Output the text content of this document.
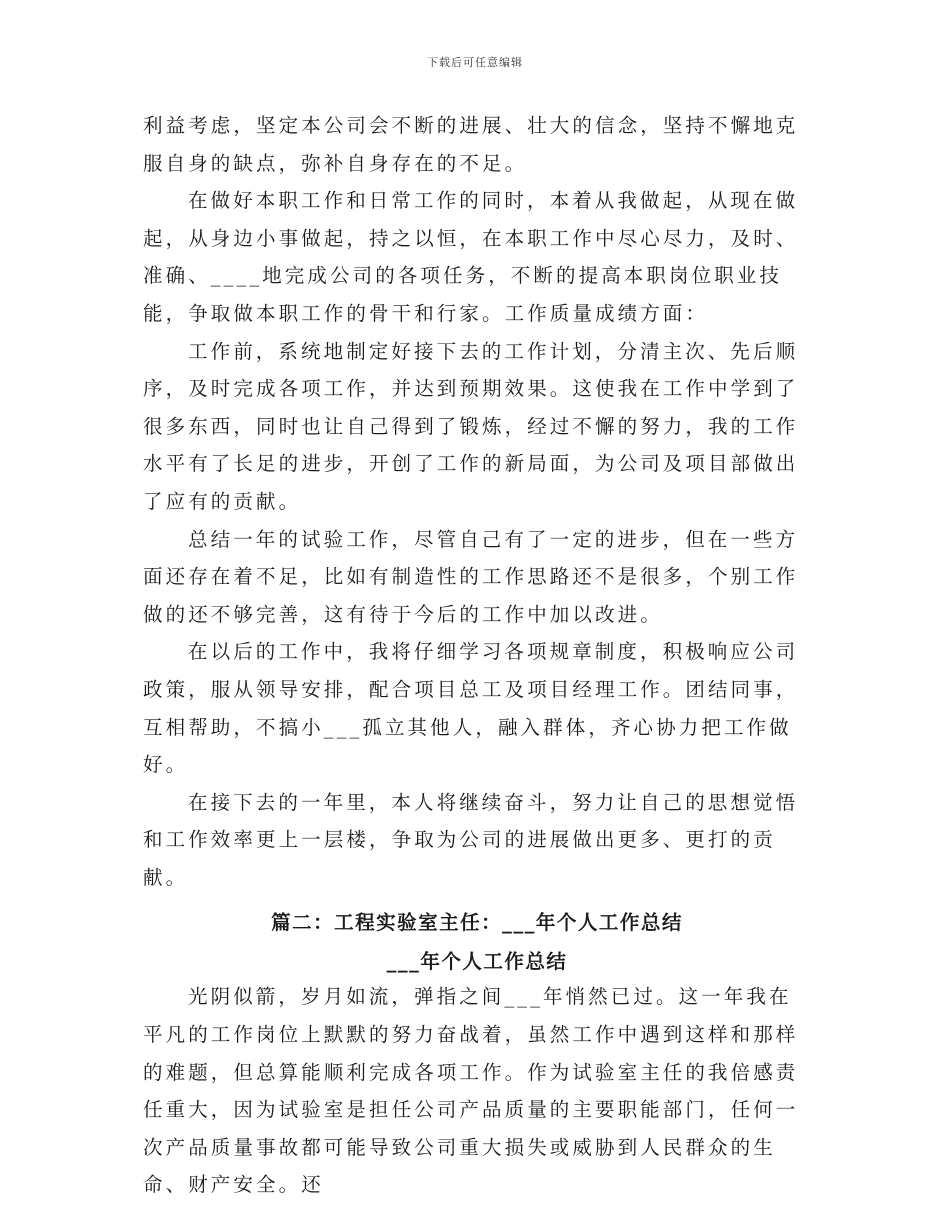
下载后可任意编辑

利益考虑，坚定本公司会不断的进展、壮大的信念，坚持不懈地克服自身的缺点，弥补自身存在的不足。

在做好本职工作和日常工作的同时，本着从我做起，从现在做起，从身边小事做起，持之以恒，在本职工作中尽心尽力，及时、准确、____地完成公司的各项任务，不断的提高本职岗位职业技能，争取做本职工作的骨干和行家。工作质量成绩方面：

工作前，系统地制定好接下去的工作计划，分清主次、先后顺序，及时完成各项工作，并达到预期效果。这使我在工作中学到了很多东西，同时也让自己得到了锻炼，经过不懈的努力，我的工作水平有了长足的进步，开创了工作的新局面，为公司及项目部做出了应有的贡献。

总结一年的试验工作，尽管自己有了一定的进步，但在一些方面还存在着不足，比如有制造性的工作思路还不是很多，个别工作做的还不够完善，这有待于今后的工作中加以改进。

在以后的工作中，我将仔细学习各项规章制度，积极响应公司政策，服从领导安排，配合项目总工及项目经理工作。团结同事，互相帮助，不搞小___孤立其他人，融入群体，齐心协力把工作做好。

在接下去的一年里，本人将继续奋斗，努力让自己的思想觉悟和工作效率更上一层楼，争取为公司的进展做出更多、更打的贡献。

篇二：工程实验室主任：___年个人工作总结
___年个人工作总结

光阴似箭，岁月如流，弹指之间___年悄然已过。这一年我在平凡的工作岗位上默默的努力奋战着，虽然工作中遇到这样和那样的难题，但总算能顺利完成各项工作。作为试验室主任的我倍感责任重大，因为试验室是担任公司产品质量的主要职能部门，任何一次产品质量事故都可能导致公司重大损失或威胁到人民群众的生命、财产安全。还
